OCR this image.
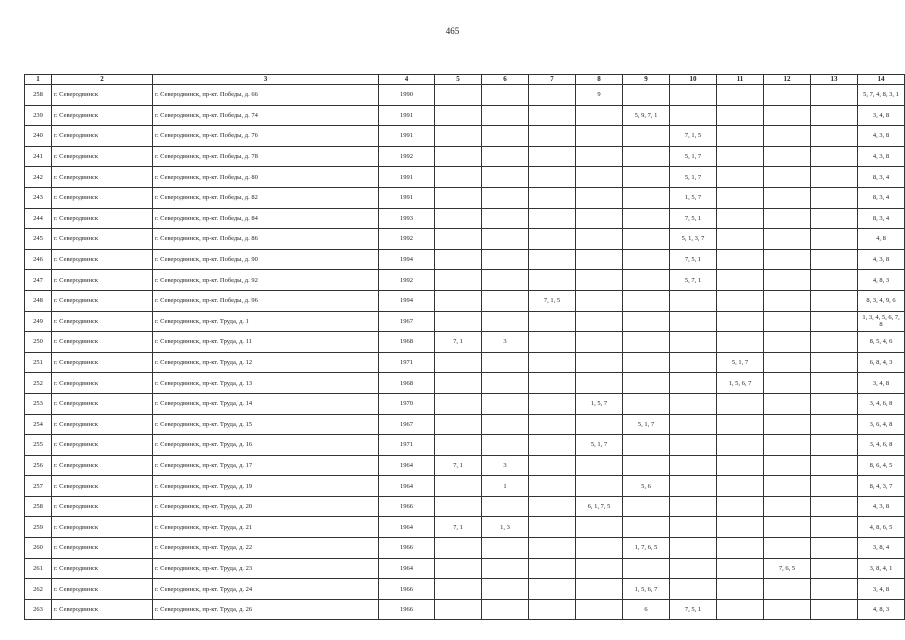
465
1	2	3	4	5	6	7	8	9	10	11	12	13	14
258	г. Северодвинск	г. Северодвинск, пр-кт. Победы, д. 66	1990				9						5, 7, 4, 8, 3, 1
239	г. Северодвинск	г. Северодвинск, пр-кт. Победы, д. 74	1991					5, 9, 7, 1					3, 4, 8
240	г. Северодвинск	г. Северодвинск, пр-кт. Победы, д. 76	1991						7, 1, 5				4, 3, 8
241	г. Северодвинск	г. Северодвинск, пр-кт. Победы, д. 78	1992						5, 1, 7				4, 3, 8
242	г. Северодвинск	г. Северодвинск, пр-кт. Победы, д. 80	1991						5, 1, 7				8, 3, 4
243	г. Северодвинск	г. Северодвинск, пр-кт. Победы, д. 82	1991						1, 5, 7				8, 3, 4
244	г. Северодвинск	г. Северодвинск, пр-кт. Победы, д. 84	1993						7, 5, 1				8, 3, 4
245	г. Северодвинск	г. Северодвинск, пр-кт. Победы, д. 86	1992						5, 1, 3, 7				4, 8
246	г. Северодвинск	г. Северодвинск, пр-кт. Победы, д. 90	1994						7, 5, 1				4, 3, 8
247	г. Северодвинск	г. Северодвинск, пр-кт. Победы, д. 92	1992						5, 7, 1				4, 8, 3
248	г. Северодвинск	г. Северодвинск, пр-кт. Победы, д. 96	1994			7, 1, 5							8, 3, 4, 9, 6
249	г. Северодвинск	г. Северодвинск, пр-кт. Труда, д. 1	1967										1, 3, 4, 5, 6, 7, 8
250	г. Северодвинск	г. Северодвинск, пр-кт. Труда, д. 11	1968	7, 1	3								8, 5, 4, 6
251	г. Северодвинск	г. Северодвинск, пр-кт. Труда, д. 12	1971							5, 1, 7			6, 8, 4, 3
252	г. Северодвинск	г. Северодвинск, пр-кт. Труда, д. 13	1968							1, 5, 6, 7			3, 4, 8
253	г. Северодвинск	г. Северодвинск, пр-кт. Труда, д. 14	1970				1, 5, 7						3, 4, 6, 8
254	г. Северодвинск	г. Северодвинск, пр-кт. Труда, д. 15	1967					5, 1, 7					3, 6, 4, 8
255	г. Северодвинск	г. Северодвинск, пр-кт. Труда, д. 16	1971				5, 1, 7						3, 4, 6, 8
256	г. Северодвинск	г. Северодвинск, пр-кт. Труда, д. 17	1964	7, 1	3								8, 6, 4, 5
257	г. Северодвинск	г. Северодвинск, пр-кт. Труда, д. 19	1964		1			5, 6					8, 4, 3, 7
258	г. Северодвинск	г. Северодвинск, пр-кт. Труда, д. 20	1966				6, 1, 7, 5						4, 3, 8
259	г. Северодвинск	г. Северодвинск, пр-кт. Труда, д. 21	1964	7, 1	1, 3								4, 8, 6, 5
260	г. Северодвинск	г. Северодвинск, пр-кт. Труда, д. 22	1966					1, 7, 6, 5					3, 8, 4
261	г. Северодвинск	г. Северодвинск, пр-кт. Труда, д. 23	1964								7, 6, 5		3, 8, 4, 1
262	г. Северодвинск	г. Северодвинск, пр-кт. Труда, д. 24	1966					1, 5, 6, 7					3, 4, 8
263	г. Северодвинск	г. Северодвинск, пр-кт. Труда, д. 26	1966					6	7, 5, 1				4, 8, 3
